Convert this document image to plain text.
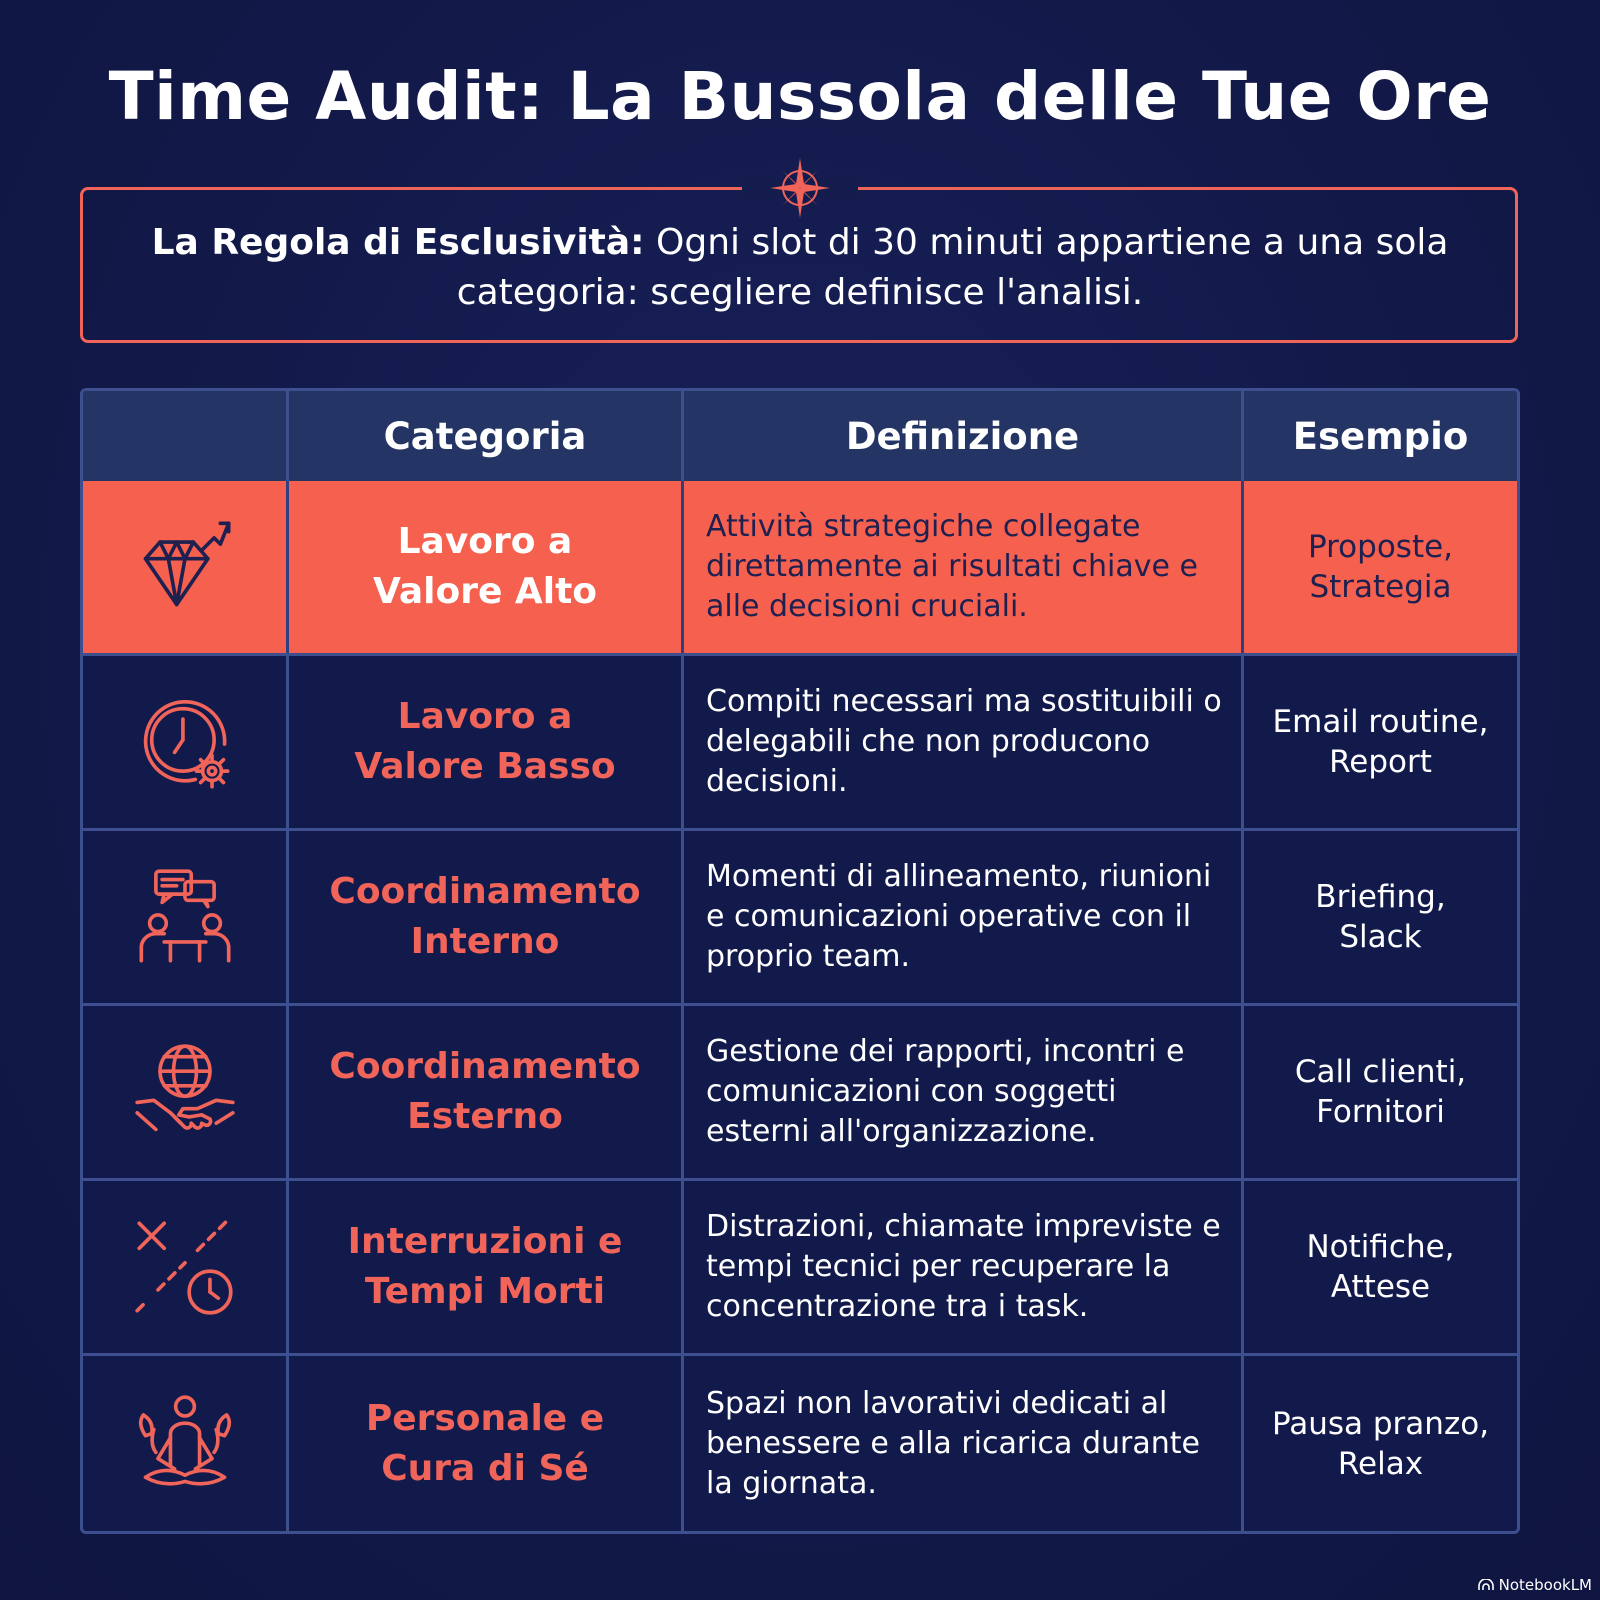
Time Audit: La Bussola delle Tue Ore
La Regola di Esclusività: Ogni slot di 30 minuti appartiene a una sola categoria: scegliere definisce l'analisi.
Categoria	Definizione	Esempio
Lavoro a
Valore Alto
Attività strategiche collegate direttamente ai risultati chiave e alle decisioni cruciali.
Proposte,
Strategia
Lavoro a
Valore Basso
Compiti necessari ma sostituibili o delegabili che non producono decisioni.
Email routine,
Report
Coordinamento
Interno
Momenti di allineamento, riunioni e comunicazioni operative con il proprio team.
Briefing,
Slack
Coordinamento
Esterno
Gestione dei rapporti, incontri e comunicazioni con soggetti esterni all'organizzazione.
Call clienti,
Fornitori
Interruzioni e
Tempi Morti
Distrazioni, chiamate impreviste e tempi tecnici per recuperare la concentrazione tra i task.
Notifiche,
Attese
Personale e
Cura di Sé
Spazi non lavorativi dedicati al benessere e alla ricarica durante la giornata.
Pausa pranzo,
Relax
NotebookLM
